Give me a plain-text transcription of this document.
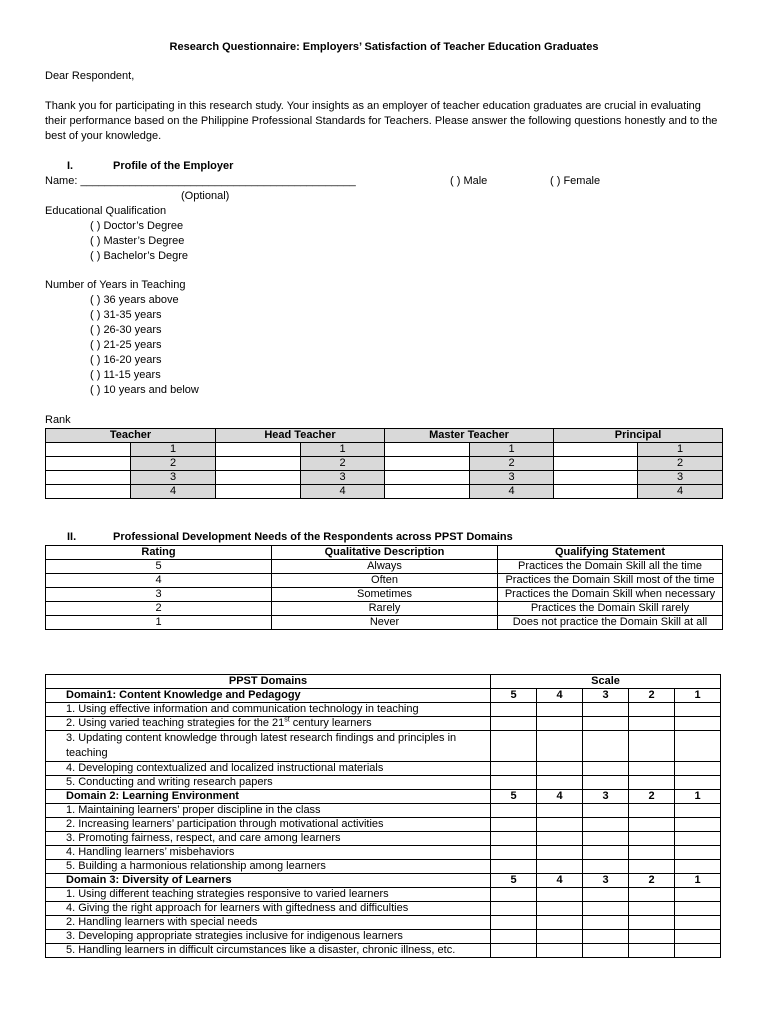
Research Questionnaire: Employers’ Satisfaction of Teacher Education Graduates
Dear Respondent,
Thank you for participating in this research study. Your insights as an employer of teacher education graduates are crucial in evaluating their performance based on the Philippine Professional Standards for Teachers. Please answer the following questions honestly and to the best of your knowledge.
I.	Profile of the Employer
Name: _____________________________________________	( ) Male	( ) Female
(Optional)
Educational Qualification
( ) Doctor’s Degree
( ) Master’s Degree
( ) Bachelor’s Degre
Number of Years in Teaching
( ) 36 years above
( ) 31-35 years
( ) 26-30 years
( ) 21-25 years
( ) 16-20 years
( ) 11-15 years
( ) 10 years and below
Rank
Teacher		Head Teacher		Master Teacher		Principal	
	1		1		1		1
	2		2		2		2
	3		3		3		3
	4		4		4		4
II.	Professional Development Needs of the Respondents across PPST Domains
Rating	Qualitative Description	Qualifying Statement
5	Always	Practices the Domain Skill all the time
4	Often	Practices the Domain Skill most of the time
3	Sometimes	Practices the Domain Skill when necessary
2	Rarely	Practices the Domain Skill rarely
1	Never	Does not practice the Domain Skill at all
PPST Domains	Scale				
Domain1: Content Knowledge and Pedagogy	5	4	3	2	1
1. Using effective information and communication technology in teaching					
2. Using varied teaching strategies for the 21st century learners					
3. Updating content knowledge through latest research findings and principles in teaching					
4. Developing contextualized and localized instructional materials					
5. Conducting and writing research papers					
Domain 2: Learning Environment	5	4	3	2	1
1. Maintaining learners’ proper discipline in the class					
2. Increasing learners’ participation through motivational activities					
3. Promoting fairness, respect, and care among learners					
4. Handling learners’ misbehaviors					
5. Building a harmonious relationship among learners					
Domain 3: Diversity of Learners	5	4	3	2	1
1. Using different teaching strategies responsive to varied learners					
4. Giving the right approach for learners with giftedness and difficulties					
2. Handling learners with special needs					
3. Developing appropriate strategies inclusive for indigenous learners					
5. Handling learners in difficult circumstances like a disaster, chronic illness, etc.					
